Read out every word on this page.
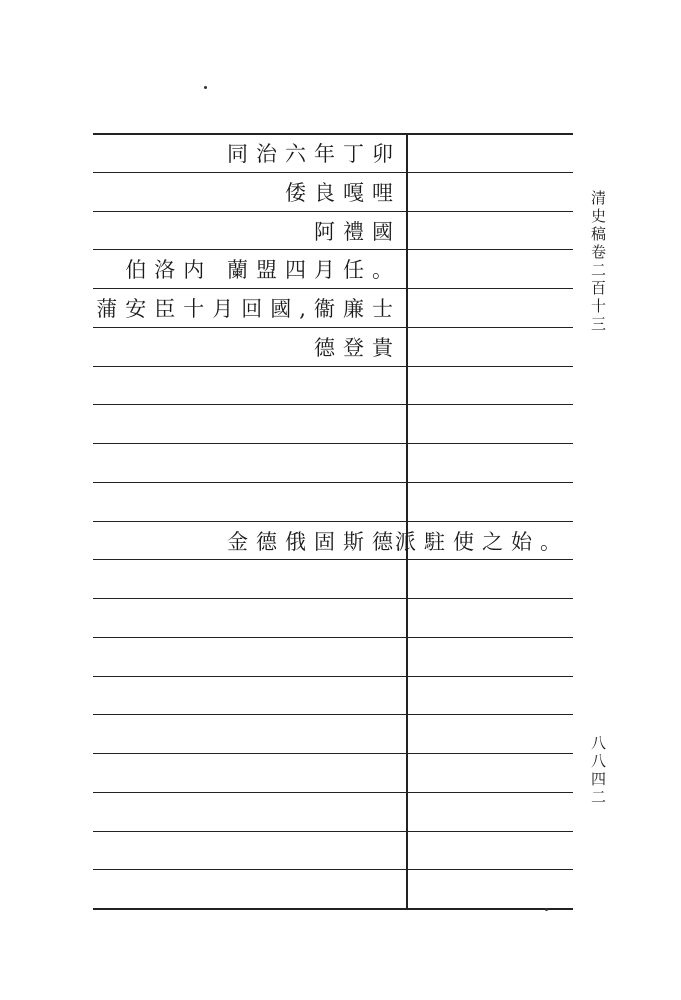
同治六年丁卯
倭良嘎哩
阿禮國
伯洛内 蘭盟四月任。
蒲安臣十月回國,衞廉士
德登貴
金德俄固斯德
派駐使之始。
清史稿卷二百十三
八八四二
